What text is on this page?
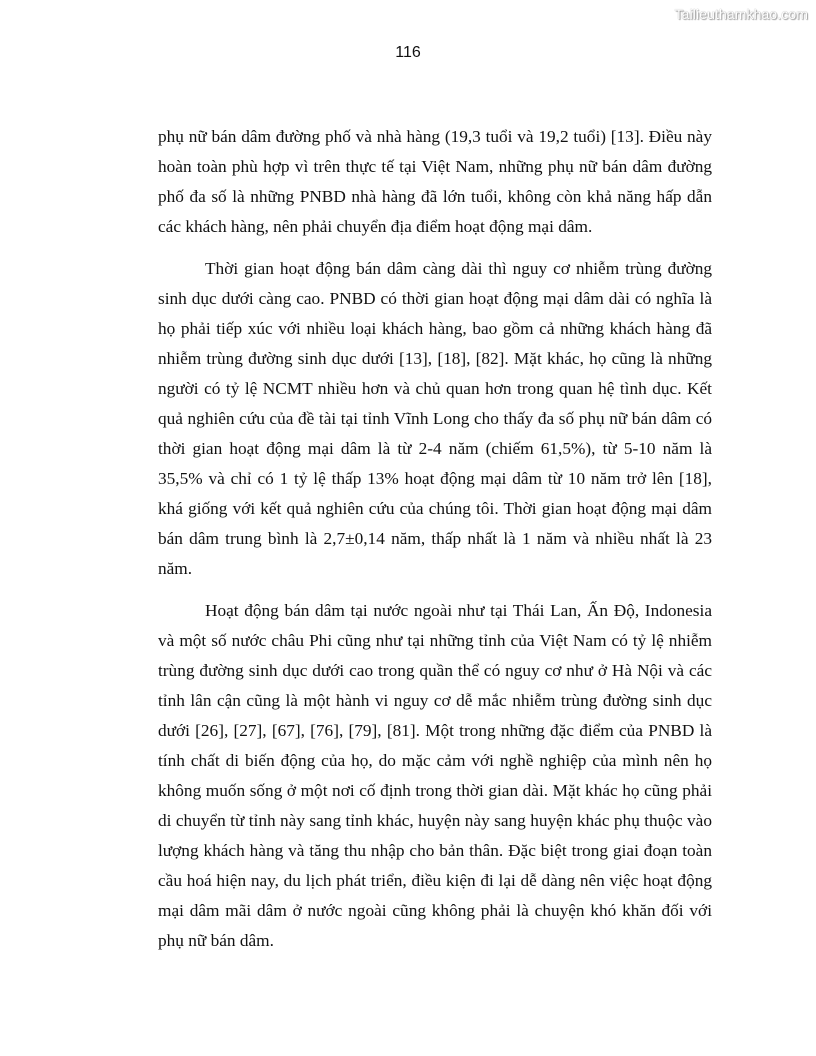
Tailieuthamkhao.com
116

phụ nữ bán dâm đường phố và nhà hàng (19,3 tuổi và 19,2 tuổi) [13]. Điều này hoàn toàn phù hợp vì trên thực tế tại Việt Nam, những phụ nữ bán dâm đường phố đa số là những PNBD nhà hàng đã lớn tuổi, không còn khả năng hấp dẫn các khách hàng, nên phải chuyển địa điểm hoạt động mại dâm.

Thời gian hoạt động bán dâm càng dài thì nguy cơ nhiễm trùng đường sinh dục dưới càng cao. PNBD có thời gian hoạt động mại dâm dài có nghĩa là họ phải tiếp xúc với nhiều loại khách hàng, bao gồm cả những khách hàng đã nhiễm trùng đường sinh dục dưới [13], [18], [82]. Mặt khác, họ cũng là những người có tỷ lệ NCMT nhiều hơn và chủ quan hơn trong quan hệ tình dục. Kết quả nghiên cứu của đề tài tại tỉnh Vĩnh Long cho thấy đa số phụ nữ bán dâm có thời gian hoạt động mại dâm là từ 2-4 năm (chiếm 61,5%), từ 5-10 năm là 35,5% và chỉ có 1 tỷ lệ thấp 13% hoạt động mại dâm từ 10 năm trở lên [18], khá giống với kết quả nghiên cứu của chúng tôi. Thời gian hoạt động mại dâm bán dâm trung bình là 2,7±0,14 năm, thấp nhất là 1 năm và nhiều nhất là 23 năm.

Hoạt động bán dâm tại nước ngoài như tại Thái Lan, Ấn Độ, Indonesia và một số nước châu Phi cũng như tại những tỉnh của Việt Nam có tỷ lệ nhiễm trùng đường sinh dục dưới cao trong quần thể có nguy cơ như ở Hà Nội và các tỉnh lân cận cũng là một hành vi nguy cơ dễ mắc nhiễm trùng đường sinh dục dưới [26], [27], [67], [76], [79], [81]. Một trong những đặc điểm của PNBD là tính chất di biến động của họ, do mặc cảm với nghề nghiệp của mình nên họ không muốn sống ở một nơi cố định trong thời gian dài. Mặt khác họ cũng phải di chuyển từ tỉnh này sang tỉnh khác, huyện này sang huyện khác phụ thuộc vào lượng khách hàng và tăng thu nhập cho bản thân. Đặc biệt trong giai đoạn toàn cầu hoá hiện nay, du lịch phát triển, điều kiện đi lại dễ dàng nên việc hoạt động mại dâm mãi dâm ở nước ngoài cũng không phải là chuyện khó khăn đối với phụ nữ bán dâm.
